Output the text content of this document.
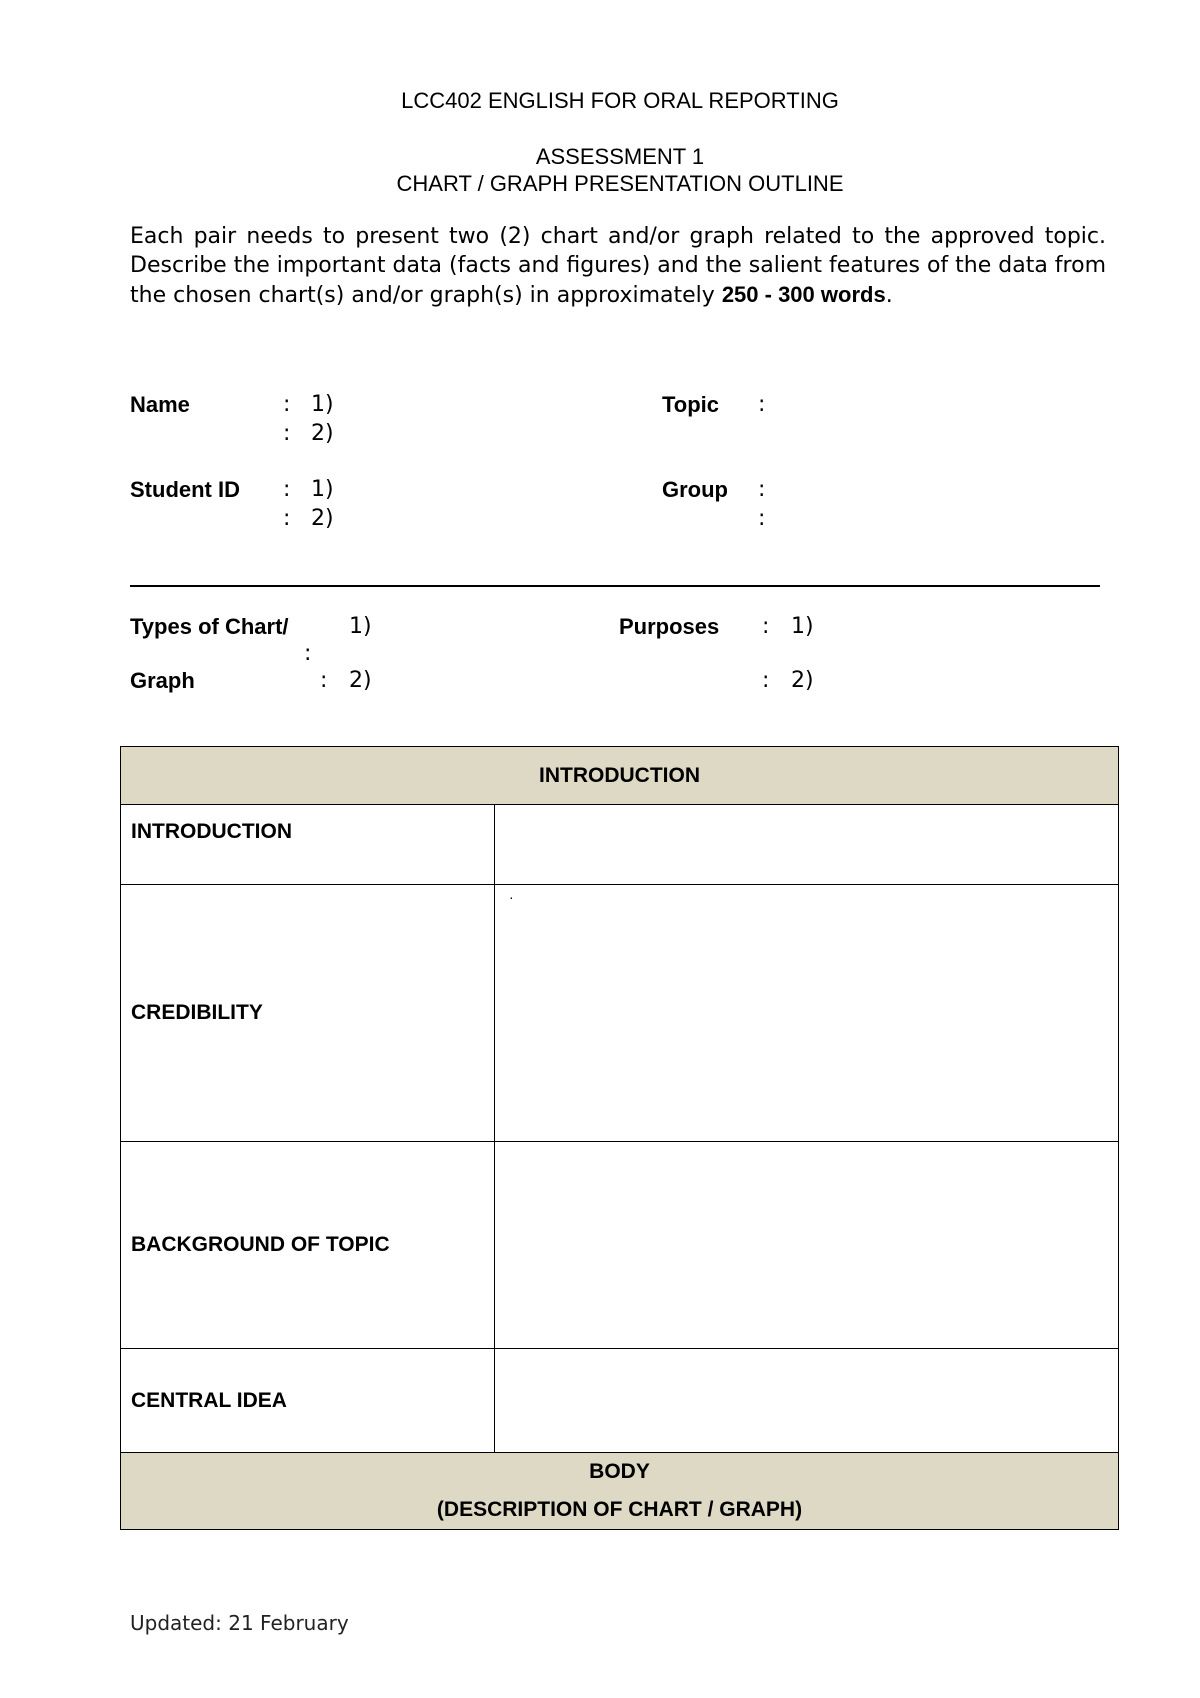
LCC402 ENGLISH FOR ORAL REPORTING
ASSESSMENT 1
CHART / GRAPH PRESENTATION OUTLINE

Each pair needs to present two (2) chart and/or graph related to the approved topic. Describe the important data (facts and figures) and the salient features of the data from the chosen chart(s) and/or graph(s) in approximately 250 - 300 words.

Name	: 1)
: 2)
Topic :
Student ID : 1)
: 2)
Group :
:
Types of Chart/	1)
:
Graph	: 2)
Purposes : 1)
: 2)
INTRODUCTION	
INTRODUCTION	
CREDIBILITY	·
BACKGROUND OF TOPIC	
CENTRAL IDEA	

BODY
(DESCRIPTION OF CHART / GRAPH)	
Updated: 21 February
